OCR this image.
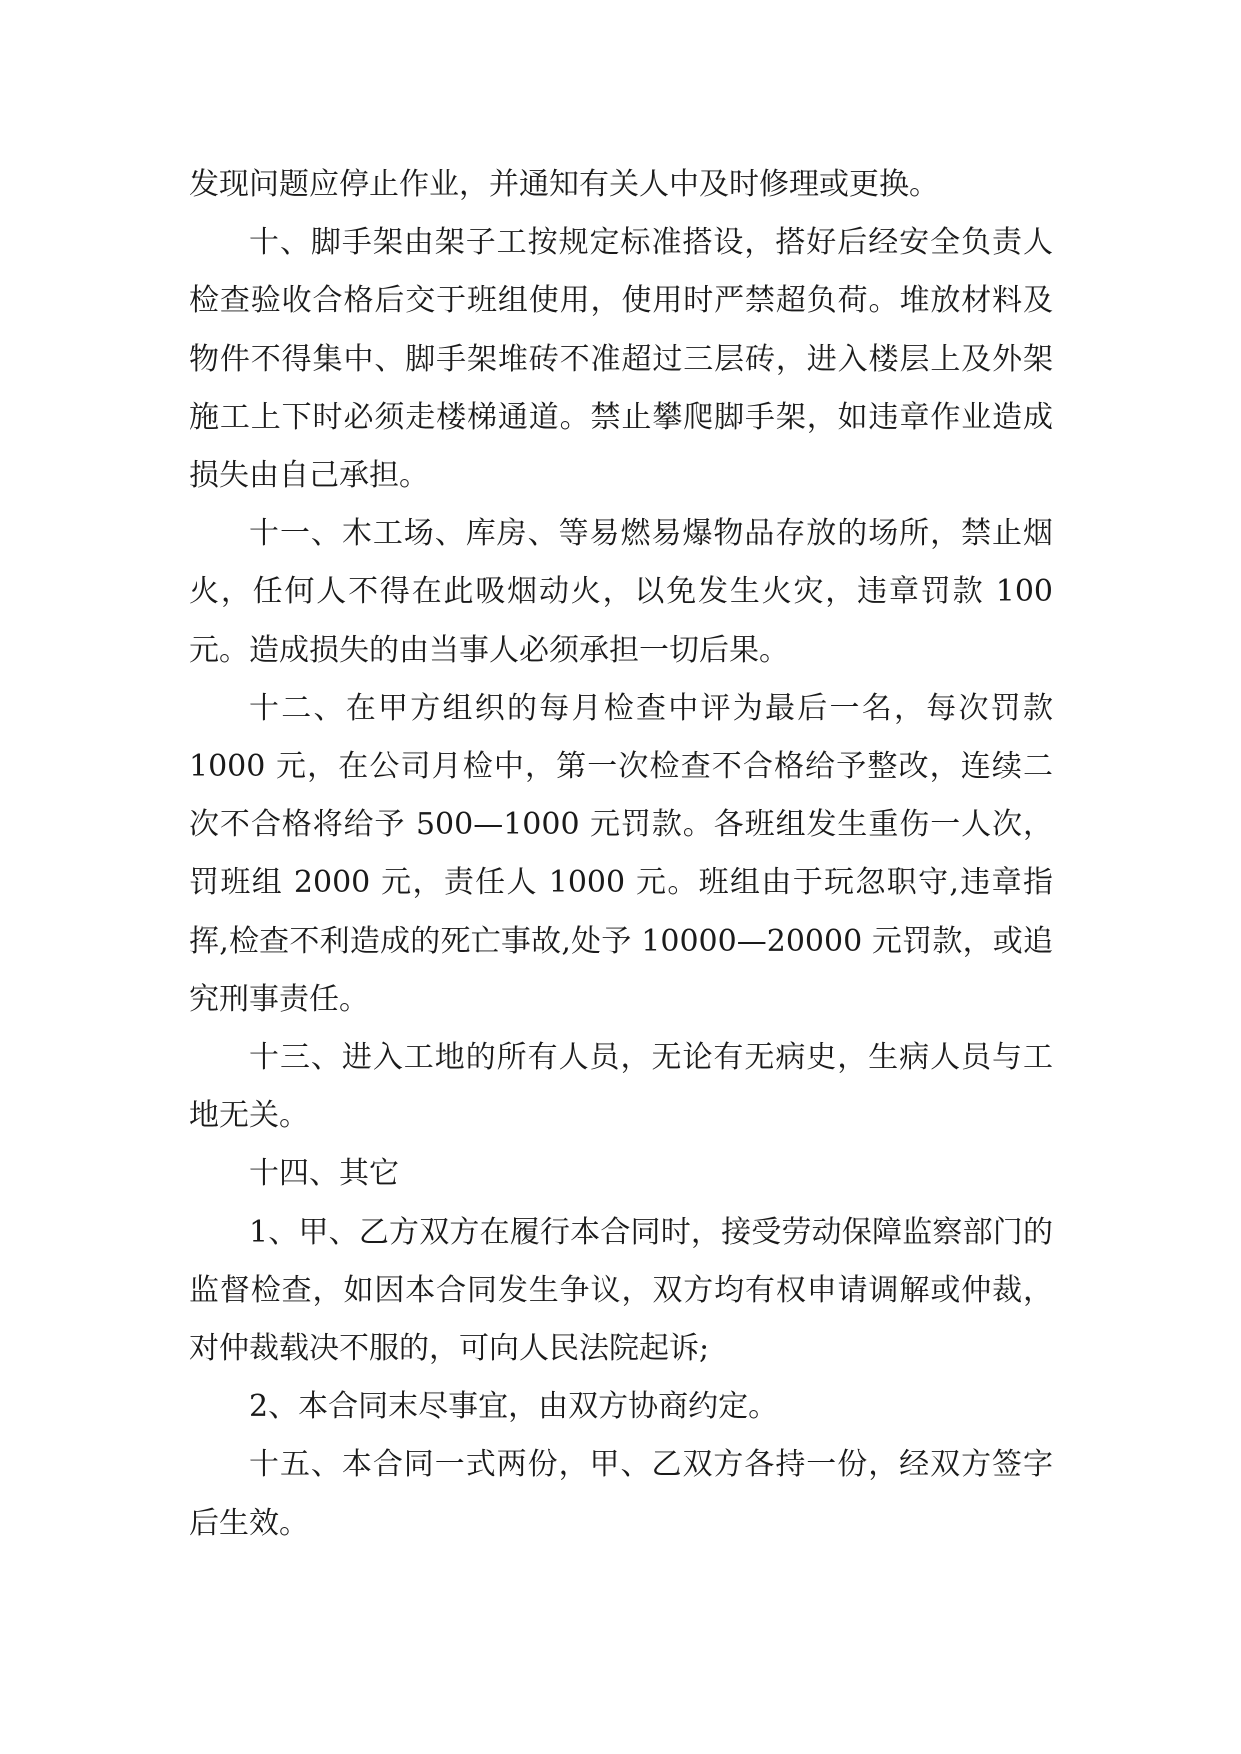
发现问题应停止作业，并通知有关人中及时修理或更换。

十、脚手架由架子工按规定标准搭设，搭好后经安全负责人检查验收合格后交于班组使用，使用时严禁超负荷。堆放材料及物件不得集中、脚手架堆砖不准超过三层砖，进入楼层上及外架施工上下时必须走楼梯通道。禁止攀爬脚手架，如违章作业造成损失由自己承担。

十一、木工场、库房、等易燃易爆物品存放的场所，禁止烟火，任何人不得在此吸烟动火，以免发生火灾，违章罚款 100 元。造成损失的由当事人必须承担一切后果。

十二、在甲方组织的每月检查中评为最后一名，每次罚款 1000 元，在公司月检中，第一次检查不合格给予整改，连续二次不合格将给予 500—1000 元罚款。各班组发生重伤一人次，罚班组 2000 元，责任人 1000 元。班组由于玩忽职守,违章指挥,检查不利造成的死亡事故,处予 10000—20000 元罚款，或追究刑事责任。

十三、进入工地的所有人员，无论有无病史，生病人员与工地无关。

十四、其它

1、甲、乙方双方在履行本合同时，接受劳动保障监察部门的监督检查，如因本合同发生争议，双方均有权申请调解或仲裁，对仲裁载决不服的，可向人民法院起诉;

2、本合同末尽事宜，由双方协商约定。

十五、本合同一式两份，甲、乙双方各持一份，经双方签字后生效。
